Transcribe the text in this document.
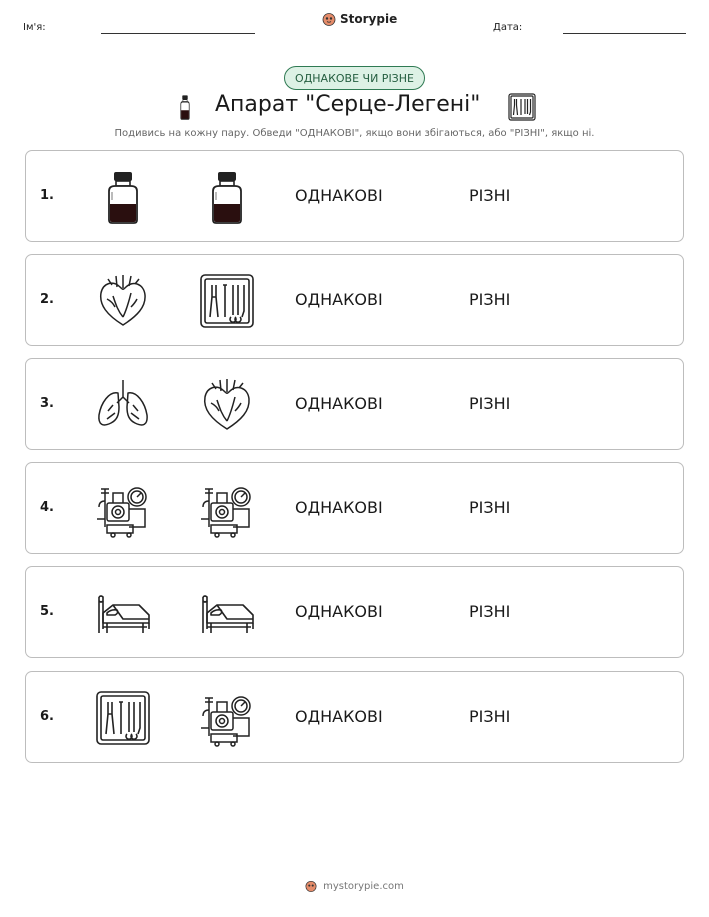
Ім'я:
Storypie
Дата:
ОДНАКОВЕ ЧИ РІЗНЕ
Апарат "Серце-Легені"
Подивись на кожну пару. Обведи "ОДНАКОВІ", якщо вони збігаються, або "РІЗНІ", якщо ні.
1.	ОДНАКОВІ	РІЗНІ
2.	ОДНАКОВІ	РІЗНІ
3.	ОДНАКОВІ	РІЗНІ
4.	ОДНАКОВІ	РІЗНІ
5.	ОДНАКОВІ	РІЗНІ
6.	ОДНАКОВІ	РІЗНІ
mystorypie.com
